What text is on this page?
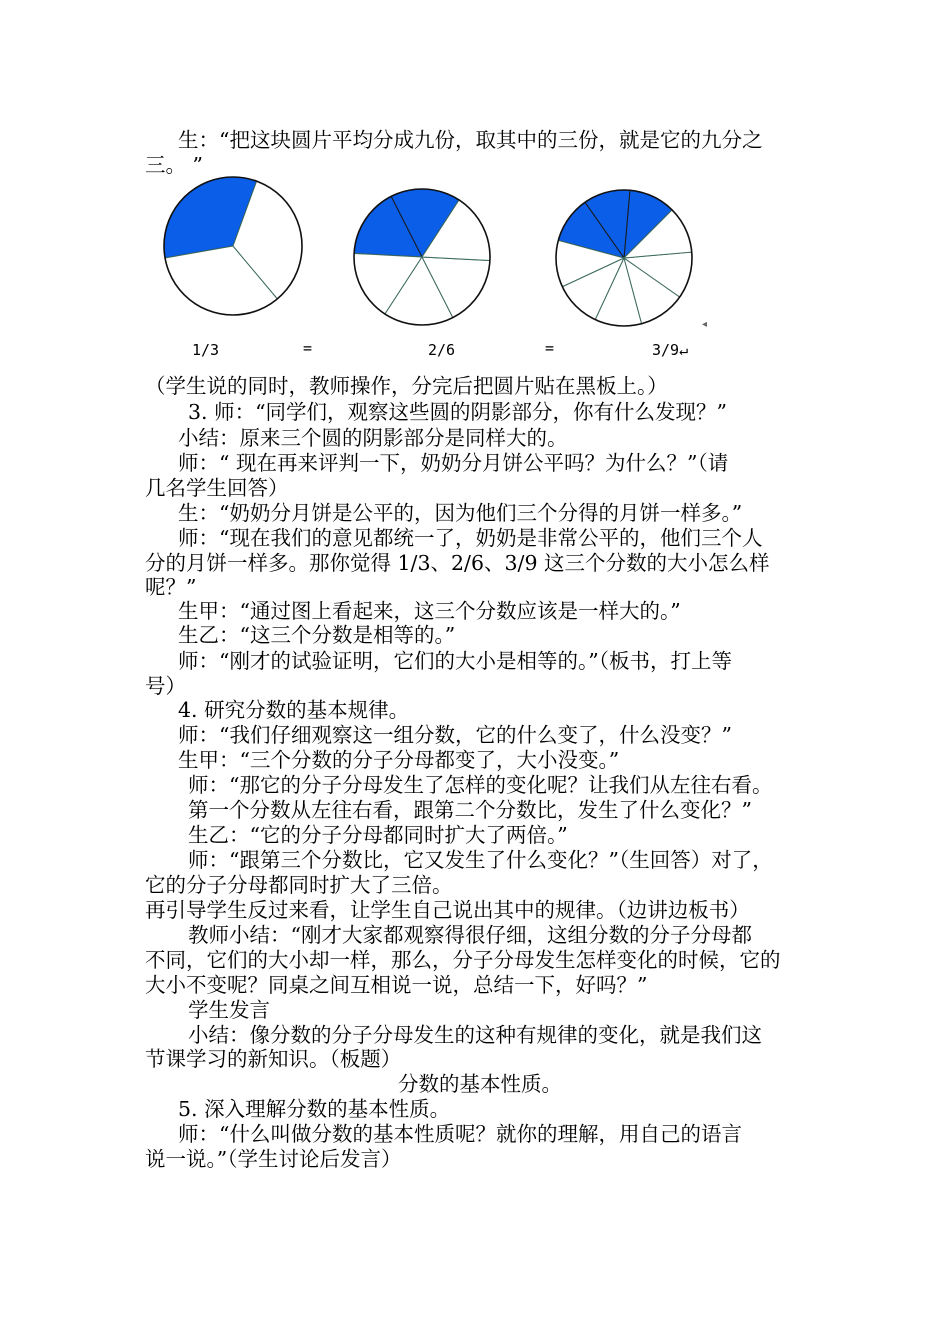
生：“把这块圆片平均分成九份，取其中的三份，就是它的九分之
三。 ”
◂
1/3	=	2/6	=	3/9↵
（学生说的同时，教师操作，分完后把圆片贴在黑板上。）
3. 师：“同学们，观察这些圆的阴影部分，你有什么发现？”
小结：原来三个圆的阴影部分是同样大的。
师：“ 现在再来评判一下，奶奶分月饼公平吗？为什么？”（请
几名学生回答）
生：“奶奶分月饼是公平的，因为他们三个分得的月饼一样多。”
师：“现在我们的意见都统一了，奶奶是非常公平的，他们三个人
分的月饼一样多。那你觉得 1/3、2/6、3/9 这三个分数的大小怎么样
呢？”
生甲：“通过图上看起来，这三个分数应该是一样大的。”
生乙：“这三个分数是相等的。”
师：“刚才的试验证明，它们的大小是相等的。”（板书，打上等
号）
4. 研究分数的基本规律。
师：“我们仔细观察这一组分数，它的什么变了，什么没变？”
生甲：“三个分数的分子分母都变了，大小没变。”
师：“那它的分子分母发生了怎样的变化呢？让我们从左往右看。
第一个分数从左往右看，跟第二个分数比，发生了什么变化？”
生乙：“它的分子分母都同时扩大了两倍。”
师：“跟第三个分数比，它又发生了什么变化？”（生回答）对了，
它的分子分母都同时扩大了三倍。
再引导学生反过来看，让学生自己说出其中的规律。（边讲边板书）
教师小结：“刚才大家都观察得很仔细，这组分数的分子分母都
不同，它们的大小却一样，那么，分子分母发生怎样变化的时候，它的
大小不变呢？同桌之间互相说一说，总结一下，好吗？”
学生发言
小结：像分数的分子分母发生的这种有规律的变化，就是我们这
节课学习的新知识。（板题）
分数的基本性质。
5. 深入理解分数的基本性质。
师：“什么叫做分数的基本性质呢？就你的理解，用自己的语言
说一说。”（学生讨论后发言）
